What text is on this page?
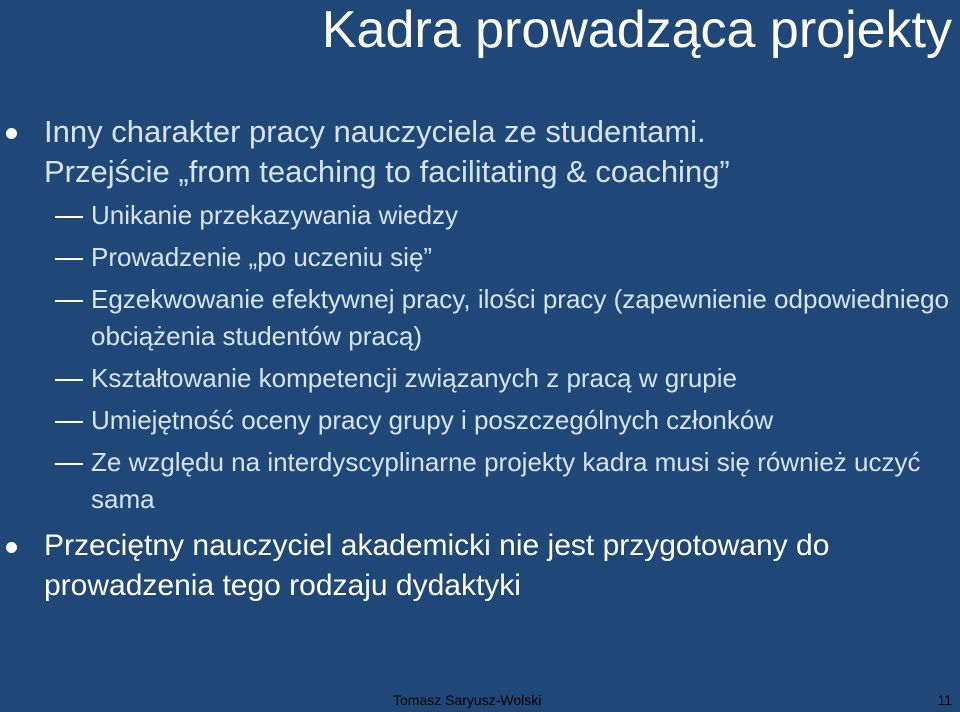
Kadra prowadząca projekty
Inny charakter pracy nauczyciela ze studentami.
Przejście „from teaching to facilitating & coaching”
Unikanie przekazywania wiedzy
Prowadzenie „po uczeniu się”
Egzekwowanie efektywnej pracy, ilości pracy (zapewnienie odpowiedniego obciążenia studentów pracą)
Kształtowanie kompetencji związanych z pracą w grupie
Umiejętność oceny pracy grupy i poszczególnych członków
Ze względu na interdyscyplinarne projekty kadra musi się również uczyć sama
Przeciętny nauczyciel akademicki nie jest przygotowany do prowadzenia tego rodzaju dydaktyki
Tomasz Saryusz-Wolski	11
